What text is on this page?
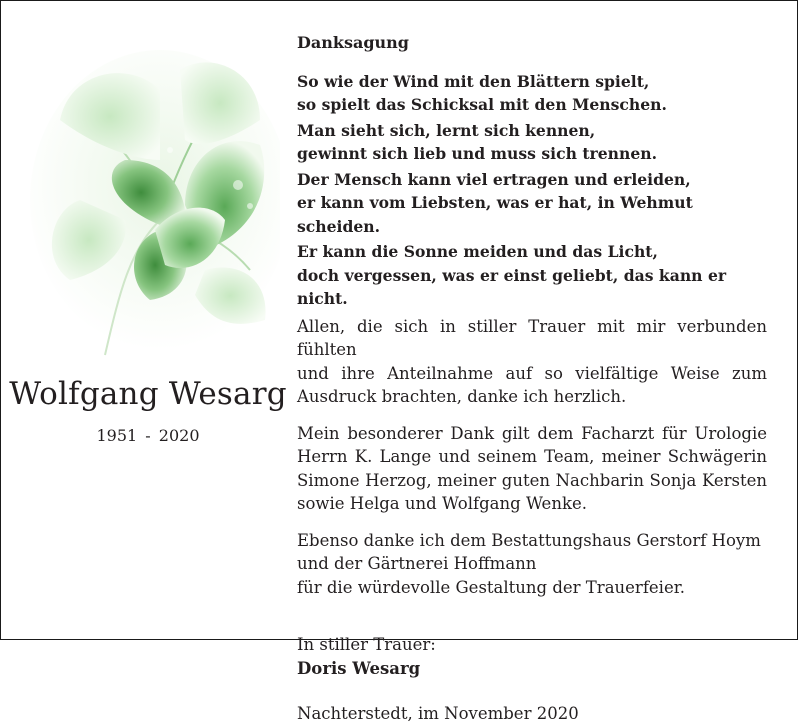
Wolfgang Wesarg
1951 - 2020

Danksagung

So wie der Wind mit den Blättern spielt,
so spielt das Schicksal mit den Menschen.

Man sieht sich, lernt sich kennen,
gewinnt sich lieb und muss sich trennen.

Der Mensch kann viel ertragen und erleiden,
er kann vom Liebsten, was er hat, in Wehmut scheiden.

Er kann die Sonne meiden und das Licht,
doch vergessen, was er einst geliebt, das kann er nicht.

Allen, die sich in stiller Trauer mit mir verbunden fühlten
und ihre Anteilnahme auf so vielfältige Weise zum
Ausdruck brachten, danke ich herzlich.

Mein besonderer Dank gilt dem Facharzt für Urologie
Herrn K. Lange und seinem Team, meiner Schwägerin
Simone Herzog, meiner guten Nachbarin Sonja Kersten
sowie Helga und Wolfgang Wenke.

Ebenso danke ich dem Bestattungshaus Gerstorf Hoym
und der Gärtnerei Hoffmann
für die würdevolle Gestaltung der Trauerfeier.

In stiller Trauer:
Doris Wesarg

Nachterstedt, im November 2020
